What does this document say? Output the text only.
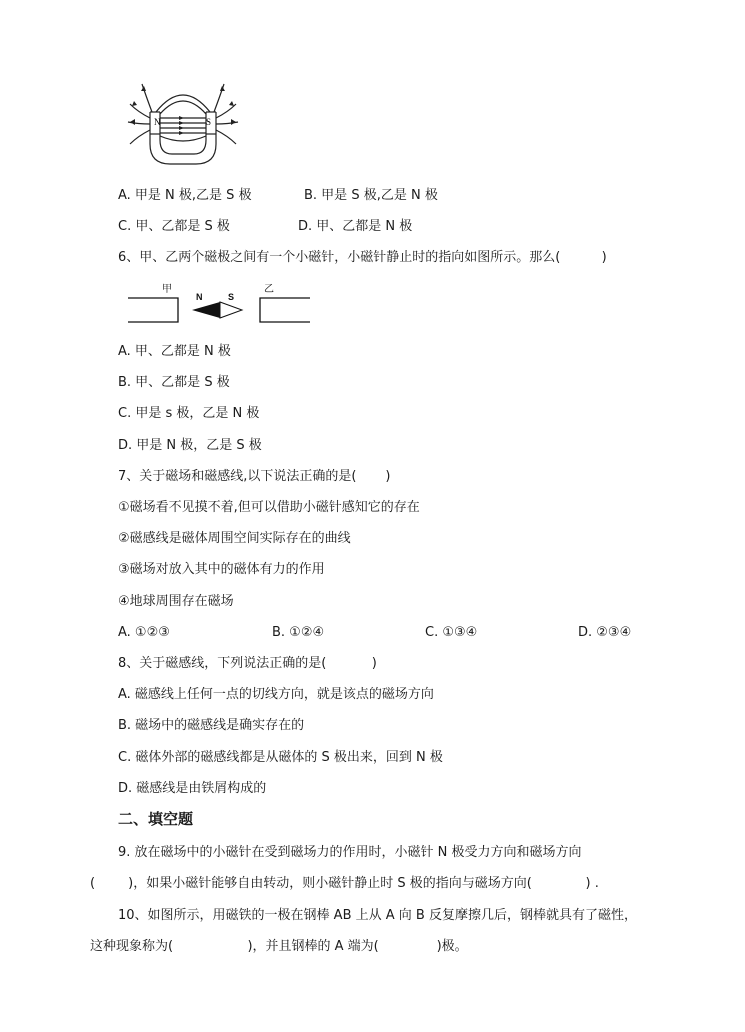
N	S
A. 甲是 N 极,乙是 S 极	B. 甲是 S 极,乙是 N 极
C. 甲、乙都是 S 极	D. 甲、乙都是 N 极
6、甲、乙两个磁极之间有一个小磁针，小磁针静止时的指向如图所示。那么(          )
甲	乙
N	S
A. 甲、乙都是 N 极
B. 甲、乙都是 S 极
C. 甲是 s 极，乙是 N 极
D. 甲是 N 极，乙是 S 极
7、关于磁场和磁感线,以下说法正确的是(       )
①磁场看不见摸不着,但可以借助小磁针感知它的存在
②磁感线是磁体周围空间实际存在的曲线
③磁场对放入其中的磁体有力的作用
④地球周围存在磁场
A. ①②③	B. ①②④	C. ①③④	D. ②③④
8、关于磁感线，下列说法正确的是(           )
A. 磁感线上任何一点的切线方向，就是该点的磁场方向
B. 磁场中的磁感线是确实存在的
C. 磁体外部的磁感线都是从磁体的 S 极出来，回到 N 极
D. 磁感线是由铁屑构成的
二、填空题
9. 放在磁场中的小磁针在受到磁场力的作用时，小磁针 N 极受力方向和磁场方向
(        )，如果小磁针能够自由转动，则小磁针静止时 S 极的指向与磁场方向(             ) .
10、如图所示，用磁铁的一极在钢棒 AB 上从 A 向 B 反复摩擦几后，钢棒就具有了磁性，
这种现象称为(                  )，并且钢棒的 A 端为(              )极。
